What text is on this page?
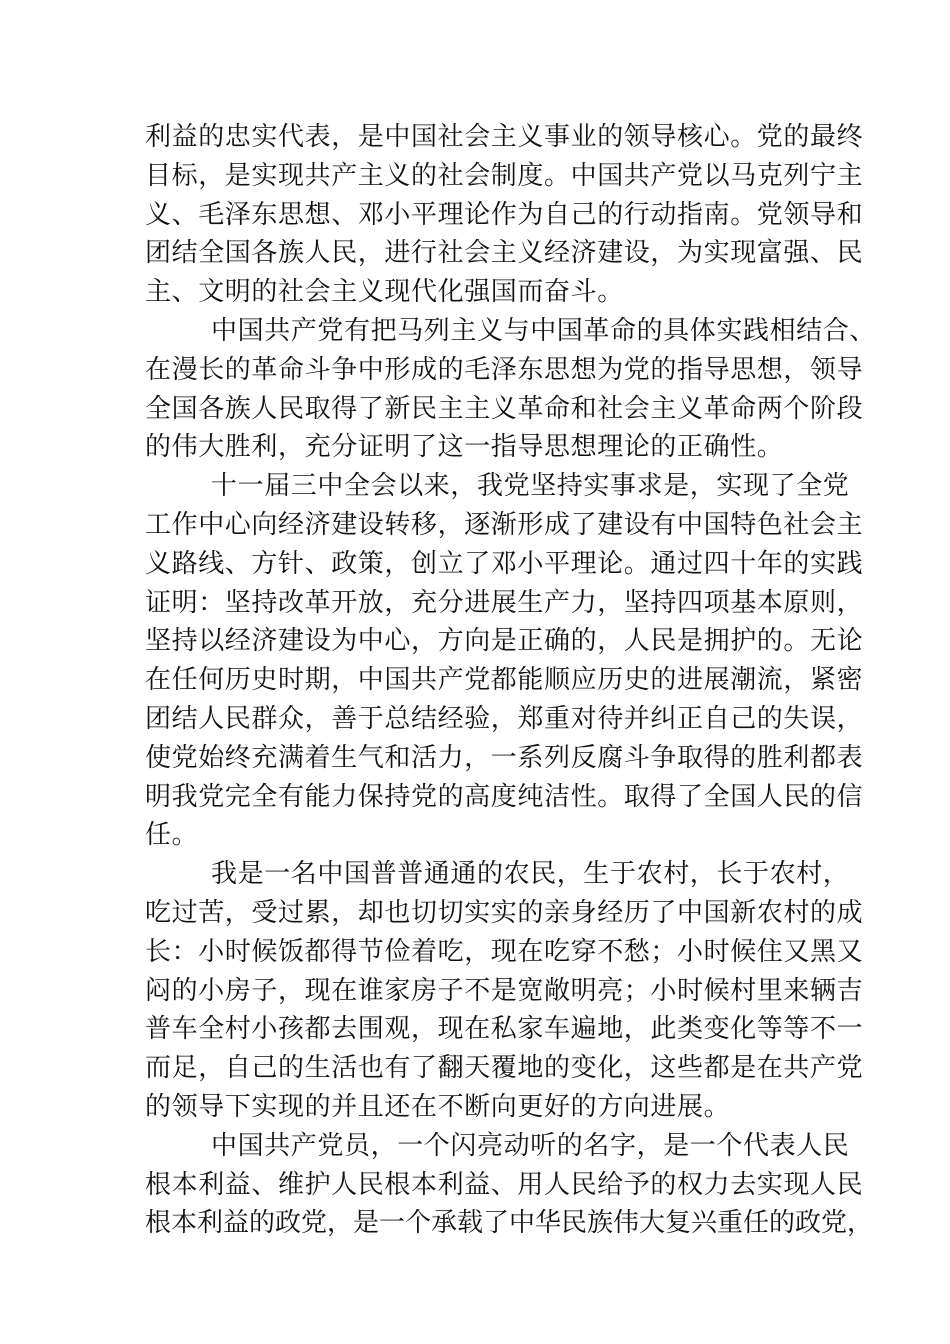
利益的忠实代表，是中国社会主义事业的领导核心。党的最终
目标，是实现共产主义的社会制度。中国共产党以马克列宁主
义、毛泽东思想、邓小平理论作为自己的行动指南。党领导和
团结全国各族人民，进行社会主义经济建设，为实现富强、民
主、文明的社会主义现代化强国而奋斗。
中国共产党有把马列主义与中国革命的具体实践相结合、
在漫长的革命斗争中形成的毛泽东思想为党的指导思想，领导
全国各族人民取得了新民主主义革命和社会主义革命两个阶段
的伟大胜利，充分证明了这一指导思想理论的正确性。
十一届三中全会以来，我党坚持实事求是，实现了全党
工作中心向经济建设转移，逐渐形成了建设有中国特色社会主
义路线、方针、政策，创立了邓小平理论。通过四十年的实践
证明：坚持改革开放，充分进展生产力，坚持四项基本原则，
坚持以经济建设为中心，方向是正确的，人民是拥护的。无论
在任何历史时期，中国共产党都能顺应历史的进展潮流，紧密
团结人民群众，善于总结经验，郑重对待并纠正自己的失误，
使党始终充满着生气和活力，一系列反腐斗争取得的胜利都表
明我党完全有能力保持党的高度纯洁性。取得了全国人民的信
任。
我是一名中国普普通通的农民，生于农村，长于农村，
吃过苦，受过累，却也切切实实的亲身经历了中国新农村的成
长：小时候饭都得节俭着吃，现在吃穿不愁；小时候住又黑又
闷的小房子，现在谁家房子不是宽敞明亮；小时候村里来辆吉
普车全村小孩都去围观，现在私家车遍地，此类变化等等不一
而足，自己的生活也有了翻天覆地的变化，这些都是在共产党
的领导下实现的并且还在不断向更好的方向进展。
中国共产党员，一个闪亮动听的名字，是一个代表人民
根本利益、维护人民根本利益、用人民给予的权力去实现人民
根本利益的政党，是一个承载了中华民族伟大复兴重任的政党，
